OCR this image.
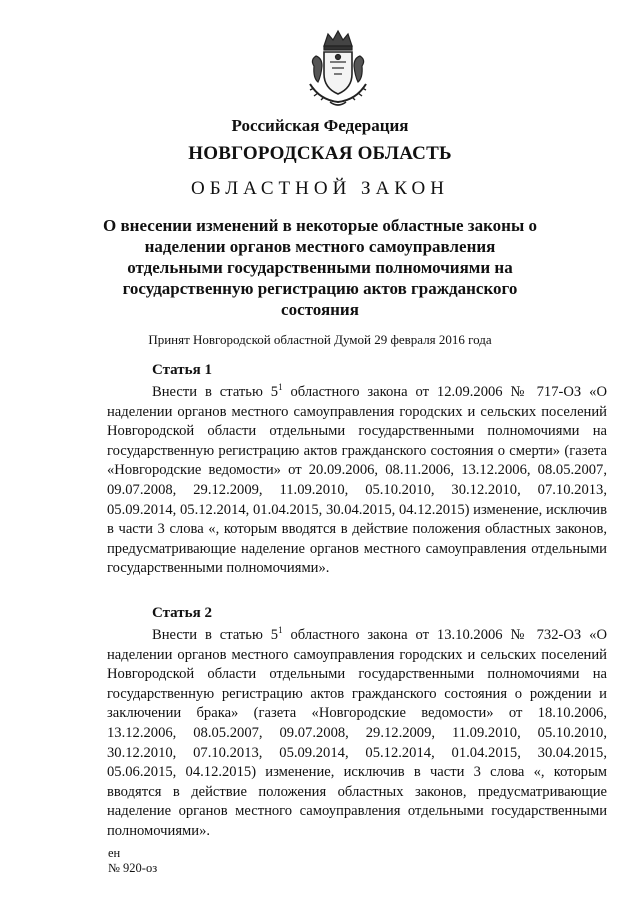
Российская Федерация
НОВГОРОДСКАЯ ОБЛАСТЬ
ОБЛАСТНОЙ ЗАКОН
О внесении изменений в некоторые областные законы о наделении органов местного самоуправления отдельными государственными полномочиями на государственную регистрацию актов гражданского состояния
Принят Новгородской областной Думой 29 февраля 2016 года
Статья 1

Внести в статью $5^1$ областного закона от 12.09.2006 № 717-ОЗ «О наделении органов местного самоуправления городских и сельских поселений Новгородской области отдельными государственными полномочиями на государственную регистрацию актов гражданского состояния о смерти» (газета «Новгородские ведомости» от 20.09.2006, 08.11.2006, 13.12.2006, 08.05.2007, 09.07.2008, 29.12.2009, 11.09.2010, 05.10.2010, 30.12.2010, 07.10.2013, 05.09.2014, 05.12.2014, 01.04.2015, 30.04.2015, 04.12.2015) изменение, исключив в части 3 слова «, которым вводятся в действие положения областных законов, предусматривающие наделение органов местного самоуправления отдельными государственными полномочиями».

Статья 2

Внести в статью $5^1$ областного закона от 13.10.2006 № 732-ОЗ «О наделении органов местного самоуправления городских и сельских поселений Новгородской области отдельными государственными полномочиями на государственную регистрацию актов гражданского состояния о рождении и заключении брака» (газета «Новгородские ведомости» от 18.10.2006, 13.12.2006, 08.05.2007, 09.07.2008, 29.12.2009, 11.09.2010, 05.10.2010, 30.12.2010, 07.10.2013, 05.09.2014, 05.12.2014, 01.04.2015, 30.04.2015, 05.06.2015, 04.12.2015) изменение, исключив в части 3 слова «, которым вводятся в действие положения областных законов, предусматривающие наделение органов местного самоуправления отдельными государственными полномочиями».

ен
№ 920-оз
